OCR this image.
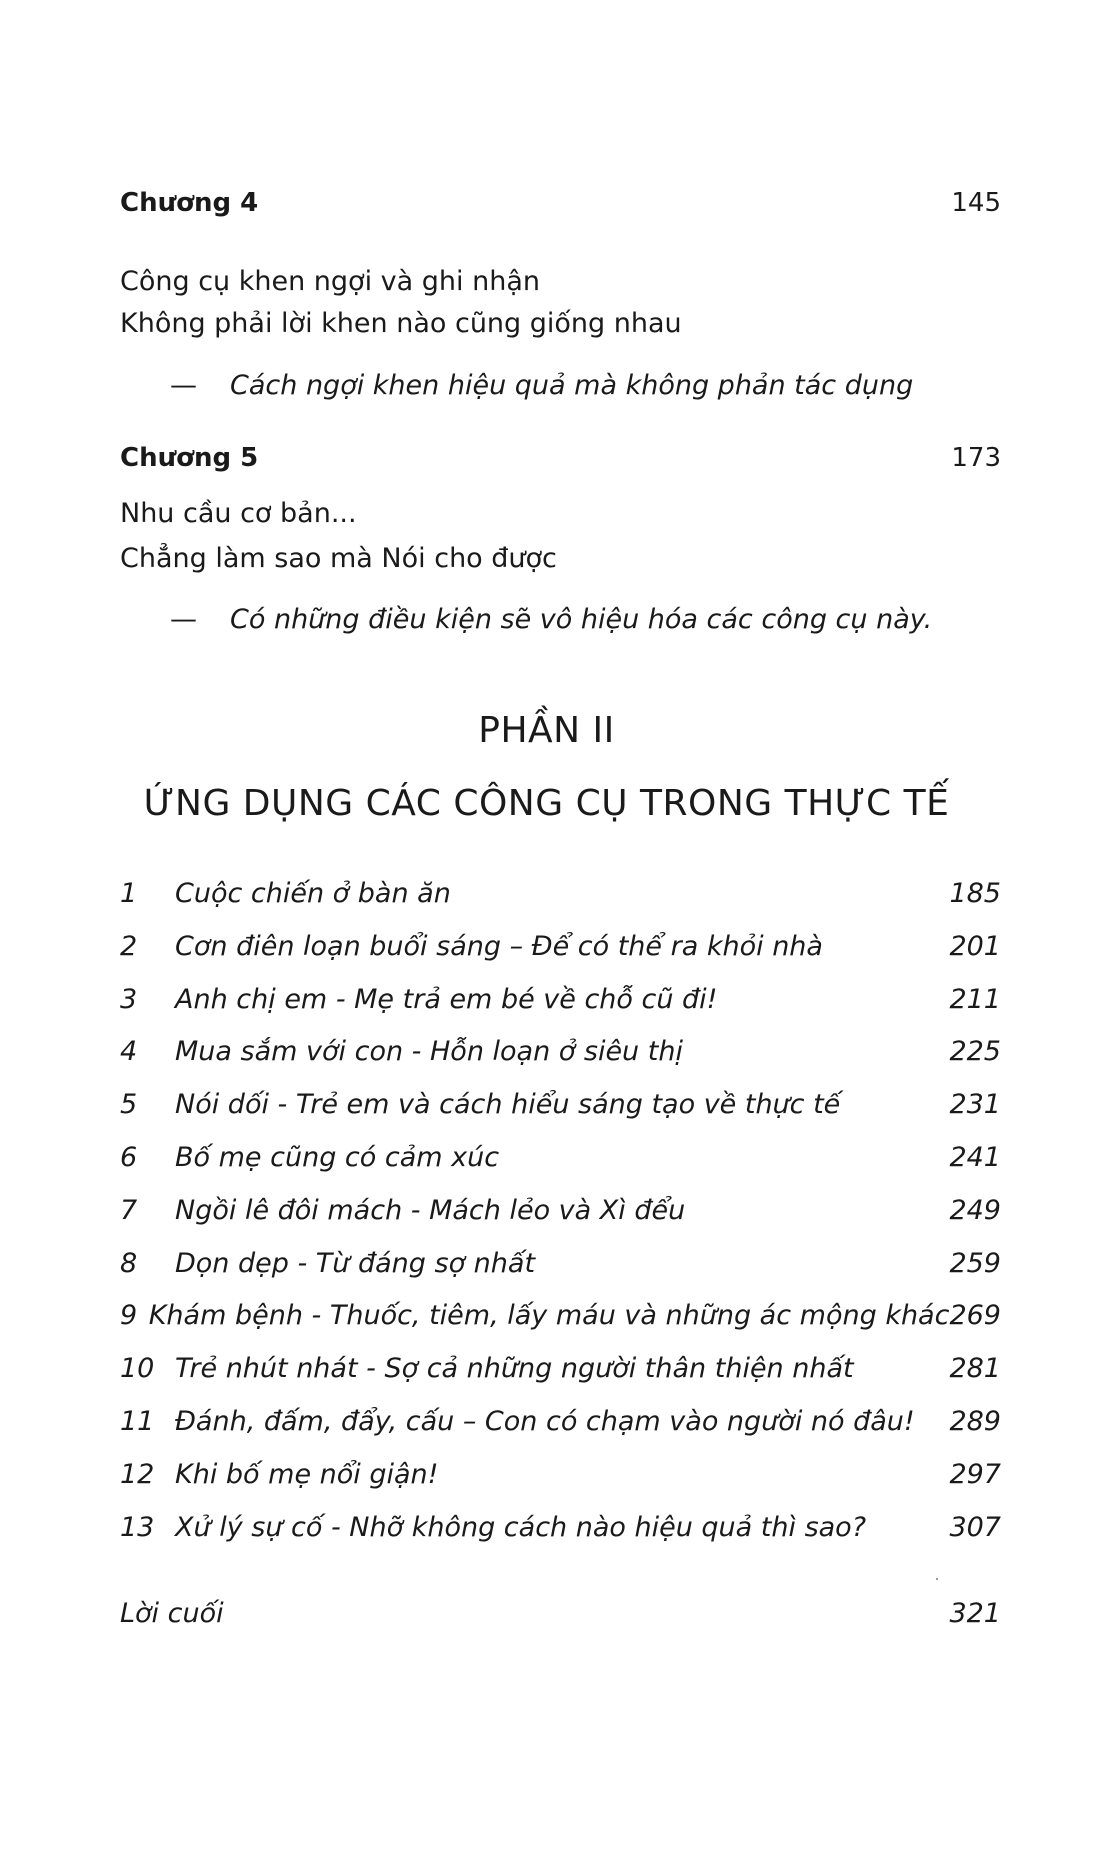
Chương 4	145
Công cụ khen ngợi và ghi nhận
Không phải lời khen nào cũng giống nhau
— Cách ngợi khen hiệu quả mà không phản tác dụng
Chương 5	173
Nhu cầu cơ bản...
Chẳng làm sao mà Nói cho được
— Có những điều kiện sẽ vô hiệu hóa các công cụ này.
PHẦN II
ỨNG DỤNG CÁC CÔNG CỤ TRONG THỰC TẾ
1	Cuộc chiến ở bàn ăn	185
2	Cơn điên loạn buổi sáng – Để có thể ra khỏi nhà	201
3	Anh chị em - Mẹ trả em bé về chỗ cũ đi!	211
4	Mua sắm với con - Hỗn loạn ở siêu thị	225
5	Nói dối - Trẻ em và cách hiểu sáng tạo về thực tế	231
6	Bố mẹ cũng có cảm xúc	241
7	Ngồi lê đôi mách - Mách lẻo và Xì đểu	249
8	Dọn dẹp - Từ đáng sợ nhất	259
9 Khám bệnh - Thuốc, tiêm, lấy máu và những ác mộng khác 269
10 Trẻ nhút nhát - Sợ cả những người thân thiện nhất	281
11 Đánh, đấm, đẩy, cấu – Con có chạm vào người nó đâu!	289
12 Khi bố mẹ nổi giận!	297
13 Xử lý sự cố - Nhỡ không cách nào hiệu quả thì sao?	307
Lời cuối	321
